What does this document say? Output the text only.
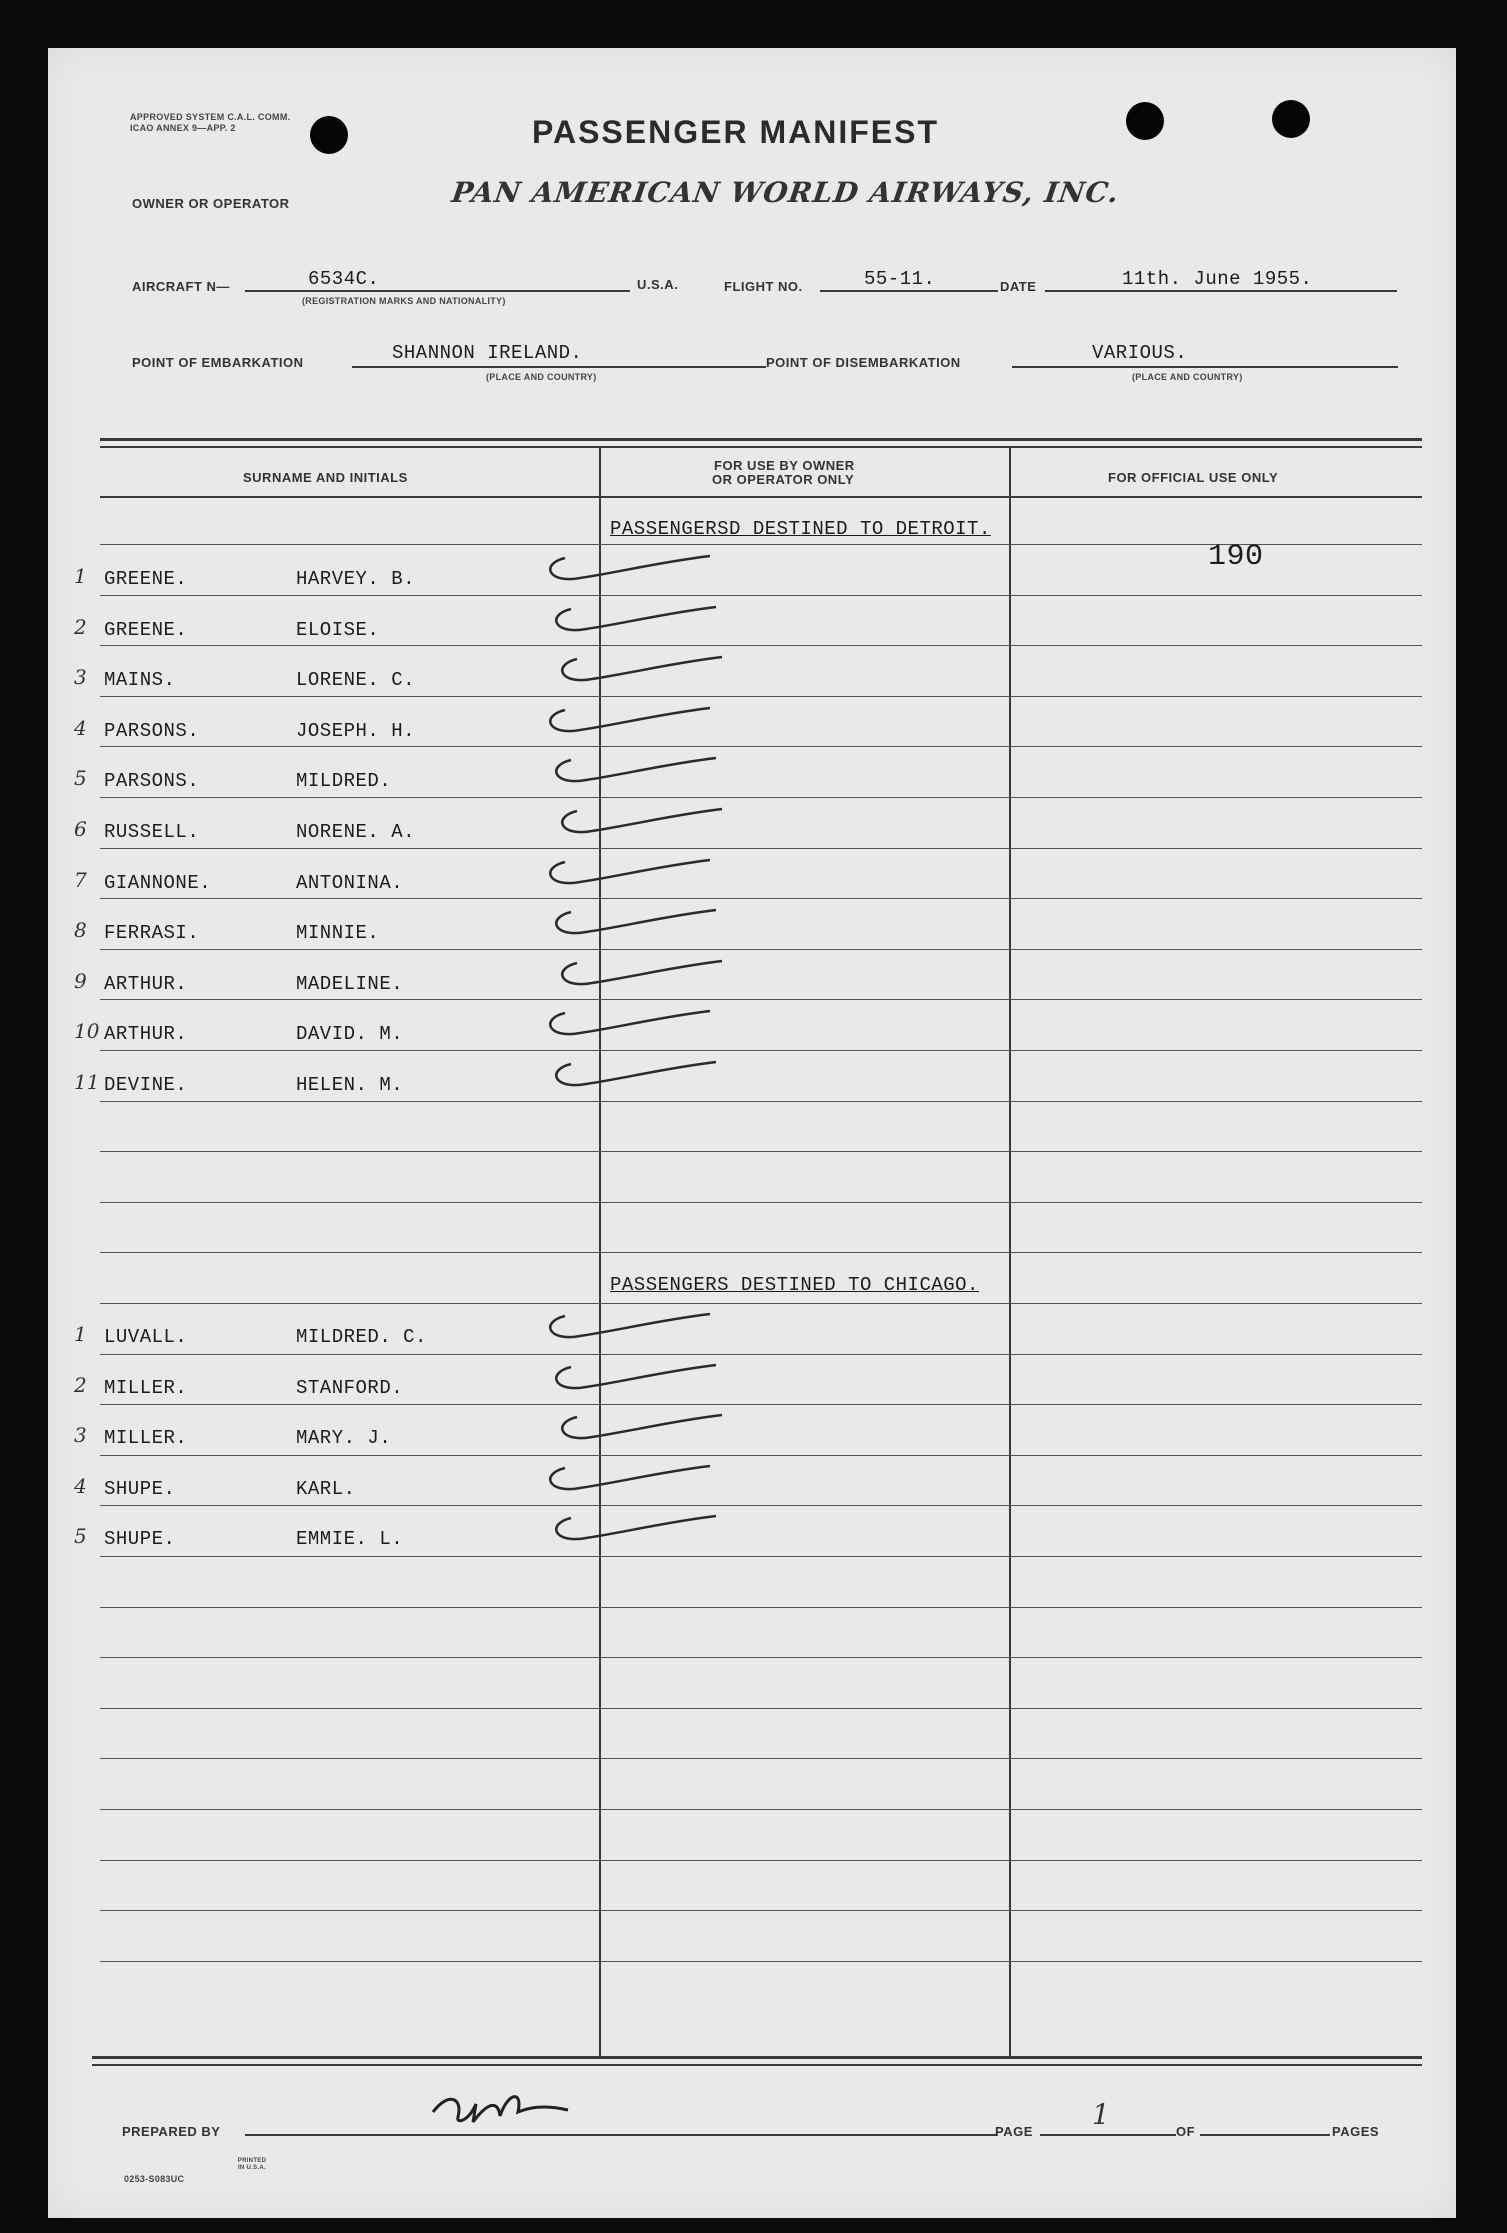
APPROVED SYSTEM C.A.L. COMM. ICAO ANNEX 9—APP. 2	PASSENGER MANIFEST
OWNER OR OPERATOR	PAN AMERICAN WORLD AIRWAYS, INC.
AIRCRAFT N—	6534C.
(REGISTRATION MARKS AND NATIONALITY)
U.S.A.	FLIGHT NO.	55-11.	DATE	11th. June 1955.
POINT OF EMBARKATION	SHANNON IRELAND.
(PLACE AND COUNTRY)
POINT OF DISEMBARKATION	VARIOUS.
(PLACE AND COUNTRY)
SURNAME AND INITIALS
FOR USE BY OWNER
OR OPERATOR ONLY	FOR OFFICIAL USE ONLY
PASSENGERSD DESTINED TO DETROIT.
190
1 GREENE.	HARVEY. B.
2 GREENE.	ELOISE.
3 MAINS.	LORENE. C.
4 PARSONS.	JOSEPH. H.
5 PARSONS.	MILDRED.
6 RUSSELL.	NORENE. A.
7 GIANNONE.	ANTONINA.
8 FERRASI.	MINNIE.
9 ARTHUR.	MADELINE.
10 ARTHUR.	DAVID. M.
11 DEVINE.	HELEN. M.
PASSENGERS DESTINED TO CHICAGO.
1 LUVALL.	MILDRED. C.
2 MILLER.	STANFORD.
3 MILLER.	MARY. J.
4 SHUPE.	KARL.
5 SHUPE.	EMMIE. L.
PREPARED BY	PAGE
1
OF	PAGES
0253-S083UC
PRINTED IN U.S.A.
